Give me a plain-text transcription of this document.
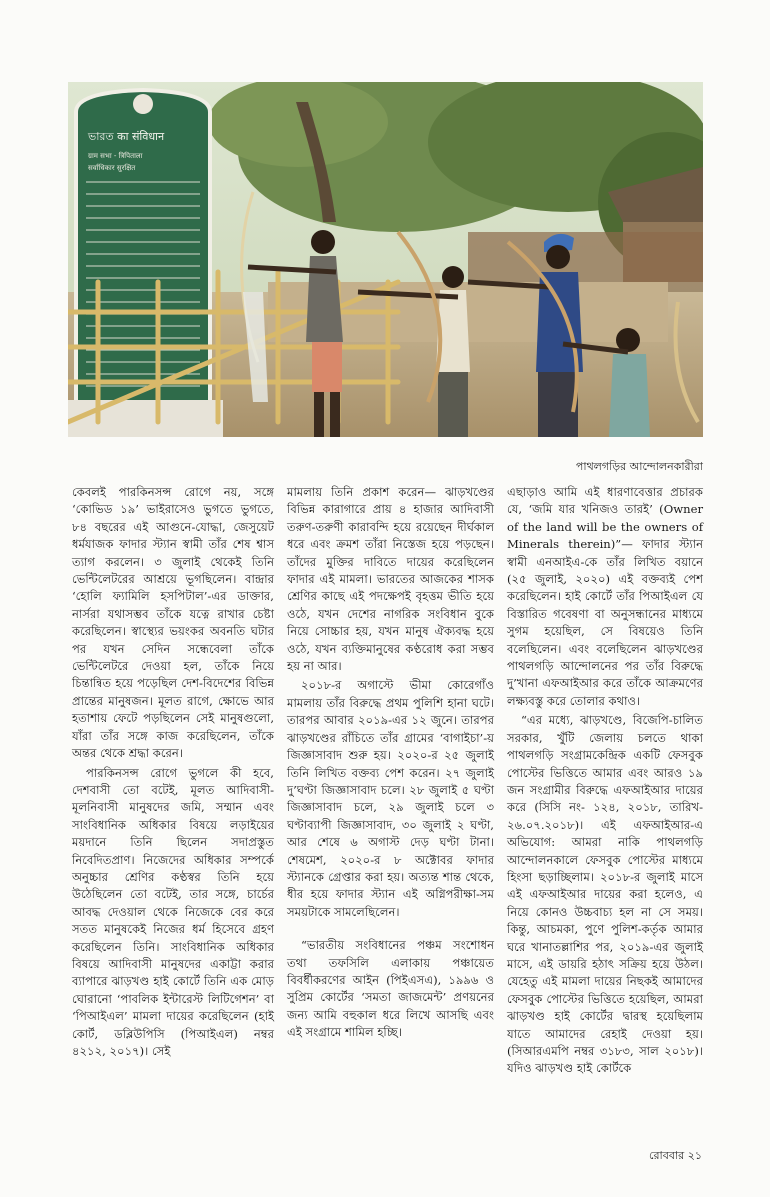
ভারত का संविधान
ग्राम सभा - त्रिपिताला
सर्वाधिकार सुरक्षित
পাথলগড়ির আন্দোলনকারীরা

কেবলই পারকিনসন্স রোগে নয়, সঙ্গে ‘কোভিড ১৯’ ভাইরাসেও ভুগতে ভুগতে, ৮৪ বছরের এই আগুনে-যোদ্ধা, জেসুয়েট ধর্মযাজক ফাদার স্ট্যান স্বামী তাঁর শেষ শ্বাস ত্যাগ করলেন। ৩ জুলাই থেকেই তিনি ভেন্টিলেটরের আশ্রয়ে ভূগছিলেন। বান্দ্রার ‘হোলি ফ্যামিলি হসপিটাল’-এর ডাক্তার, নার্সরা যথাসম্ভব তাঁকে যত্নে রাখার চেষ্টা করেছিলেন। স্বাস্থ্যের ভয়ংকর অবনতি ঘটার পর যখন সেদিন সন্ধেবেলা তাঁকে ভেন্টিলেটরে দেওয়া হল, তাঁকে নিয়ে চিন্তান্বিত হয়ে পড়েছিল দেশ-বিদেশের বিভিন্ন প্রান্তের মানুষজন। মূলত রাগে, ক্ষোভে আর হতাশায় ফেটে পড়ছিলেন সেই মানুষগুলো, যাঁরা তাঁর সঙ্গে কাজ করেছিলেন, তাঁকে অন্তর থেকে শ্রদ্ধা করেন।

পারকিনসন্স রোগে ভুগলে কী হবে, দেশবাসী তো বটেই, মূলত আদিবাসী-মূলনিবাসী মানুষদের জমি, সম্মান এবং সাংবিধানিক অধিকার বিষয়ে লড়াইয়ের ময়দানে তিনি ছিলেন সদাপ্রস্তুত নিবেদিতপ্রাণ। নিজেদের অধিকার সম্পর্কে অনুচ্চার শ্রেণির কণ্ঠস্বর তিনি হয়ে উঠেছিলেন তো বটেই, তার সঙ্গে, চার্চের আবদ্ধ দেওয়াল থেকে নিজেকে বের করে সতত মানুষকেই নিজের ধর্ম হিসেবে গ্রহণ করেছিলেন তিনি। সাংবিধানিক অধিকার বিষয়ে আদিবাসী মানুষদের একাট্টা করার ব্যাপারে ঝাড়খণ্ড হাই কোর্টে তিনি এক মোড় ঘোরানো ‘পাবলিক ইন্টারেস্ট লিটিগেশন’ বা ‘পিআইএল’ মামলা দায়ের করেছিলেন (হাই কোর্ট, ডব্লিউপিসি (পিআইএল) নম্বর ৪২১২, ২০১৭)। সেই

মামলায় তিনি প্রকাশ করেন— ঝাড়খণ্ডের বিভিন্ন কারাগারে প্রায় ৪ হাজার আদিবাসী তরুণ-তরুণী কারাবন্দি হয়ে রয়েছেন দীর্ঘকাল ধরে এবং ক্রমশ তাঁরা নিস্তেজ হয়ে পড়ছেন। তাঁদের মুক্তির দাবিতে দায়ের করেছিলেন ফাদার এই মামলা। ভারতের আজকের শাসক শ্রেণির কাছে এই পদক্ষেপই বৃহত্তম ভীতি হয়ে ওঠে, যখন দেশের নাগরিক সংবিধান বুকে নিয়ে সোচ্চার হয়, যখন মানুষ ঐক্যবদ্ধ হয়ে ওঠে, যখন ব্যক্তিমানুষের কণ্ঠরোধ করা সম্ভব হয় না আর।

২০১৮-র অগাস্টে ভীমা কোরেগাঁও মামলায় তাঁর বিরুদ্ধে প্রথম পুলিশি হানা ঘটে। তারপর আবার ২০১৯-এর ১২ জুনে। তারপর ঝাড়খণ্ডের রাঁচিতে তাঁর গ্রামের ‘বাগাইচা’-য় জিজ্ঞাসাবাদ শুরু হয়। ২০২০-র ২৫ জুলাই তিনি লিখিত বক্তব্য পেশ করেন। ২৭ জুলাই দু’ঘণ্টা জিজ্ঞাসাবাদ চলে। ২৮ জুলাই ৫ ঘণ্টা জিজ্ঞাসাবাদ চলে, ২৯ জুলাই চলে ৩ ঘণ্টাব্যাপী জিজ্ঞাসাবাদ, ৩০ জুলাই ২ ঘণ্টা, আর শেষে ৬ অগাস্ট দেড় ঘণ্টা টানা। শেষমেশ, ২০২০-র ৮ অক্টোবর ফাদার স্ট্যানকে গ্রেপ্তার করা হয়। অত্যন্ত শান্ত থেকে, ধীর হয়ে ফাদার স্ট্যান এই অগ্নিপরীক্ষা-সম সময়টাকে সামলেছিলেন।

“ভারতীয় সংবিধানের পঞ্চম সংশোধন তথা তফসিলি এলাকায় পঞ্চায়েত বিবর্ধীকরণের আইন (পিইএসএ), ১৯৯৬ ও সুপ্রিম কোর্টের ‘সমতা জাজমেন্ট’ প্রণয়নের জন্য আমি বহুকাল ধরে লিখে আসছি এবং এই সংগ্রামে শামিল হচ্ছি।

এছাড়াও আমি এই ধারণাবেত্তার প্রচারক যে, ‘জমি যার খনিজও তারই’ (Owner of the land will be the owners of Minerals therein)”— ফাদার স্ট্যান স্বামী এনআইএ-কে তাঁর লিখিত বয়ানে (২৫ জুলাই, ২০২০) এই বক্তব্যই পেশ করেছিলেন। হাই কোর্টে তাঁর পিআইএল যে বিস্তারিত গবেষণা বা অনুসন্ধানের মাধ্যমে সুগম হয়েছিল, সে বিষয়েও তিনি বলেছিলেন। এবং বলেছিলেন ঝাড়খণ্ডের পাথলগড়ি আন্দোলনের পর তাঁর বিরুদ্ধে দু’খানা এফআইআর করে তাঁকে আক্রমণের লক্ষ্যবস্তু করে তোলার কথাও।

“এর মধ্যে, ঝাড়খণ্ডে, বিজেপি-চালিত সরকার, খুঁটি জেলায় চলতে থাকা পাথলগড়ি সংগ্রামকেন্দ্রিক একটি ফেসবুক পোস্টের ভিত্তিতে আমার এবং আরও ১৯ জন সংগ্রামীর বিরুদ্ধে এফআইআর দায়ের করে (সিসি নং- ১২৪, ২০১৮, তারিখ- ২৬.০৭.২০১৮)। এই এফআইআর-এ অভিযোগ: আমরা নাকি পাথলগড়ি আন্দোলনকালে ফেসবুক পোস্টের মাধ্যমে হিংসা ছড়াচ্ছিলাম। ২০১৮-র জুলাই মাসে এই এফআইআর দায়ের করা হলেও, এ নিয়ে কোনও উচ্চবাচ্য হল না সে সময়। কিন্তু, আচমকা, পুণে পুলিশ-কর্তৃক আমার ঘরে খানাতল্লাশির পর, ২০১৯-এর জুলাই মাসে, এই ডায়রি হঠাৎ সক্রিয় হয়ে উঠল। যেহেতু এই মামলা দায়ের নিছকই আমাদের ফেসবুক পোস্টের ভিত্তিতে হয়েছিল, আমরা ঝাড়খণ্ড হাই কোর্টের দ্বারস্থ হয়েছিলাম যাতে আমাদের রেহাই দেওয়া হয়। (সিআরএমপি নম্বর ৩১৮৩, সাল ২০১৮)। যদিও ঝাড়খণ্ড হাই কোর্টকে

রোববার ২১
